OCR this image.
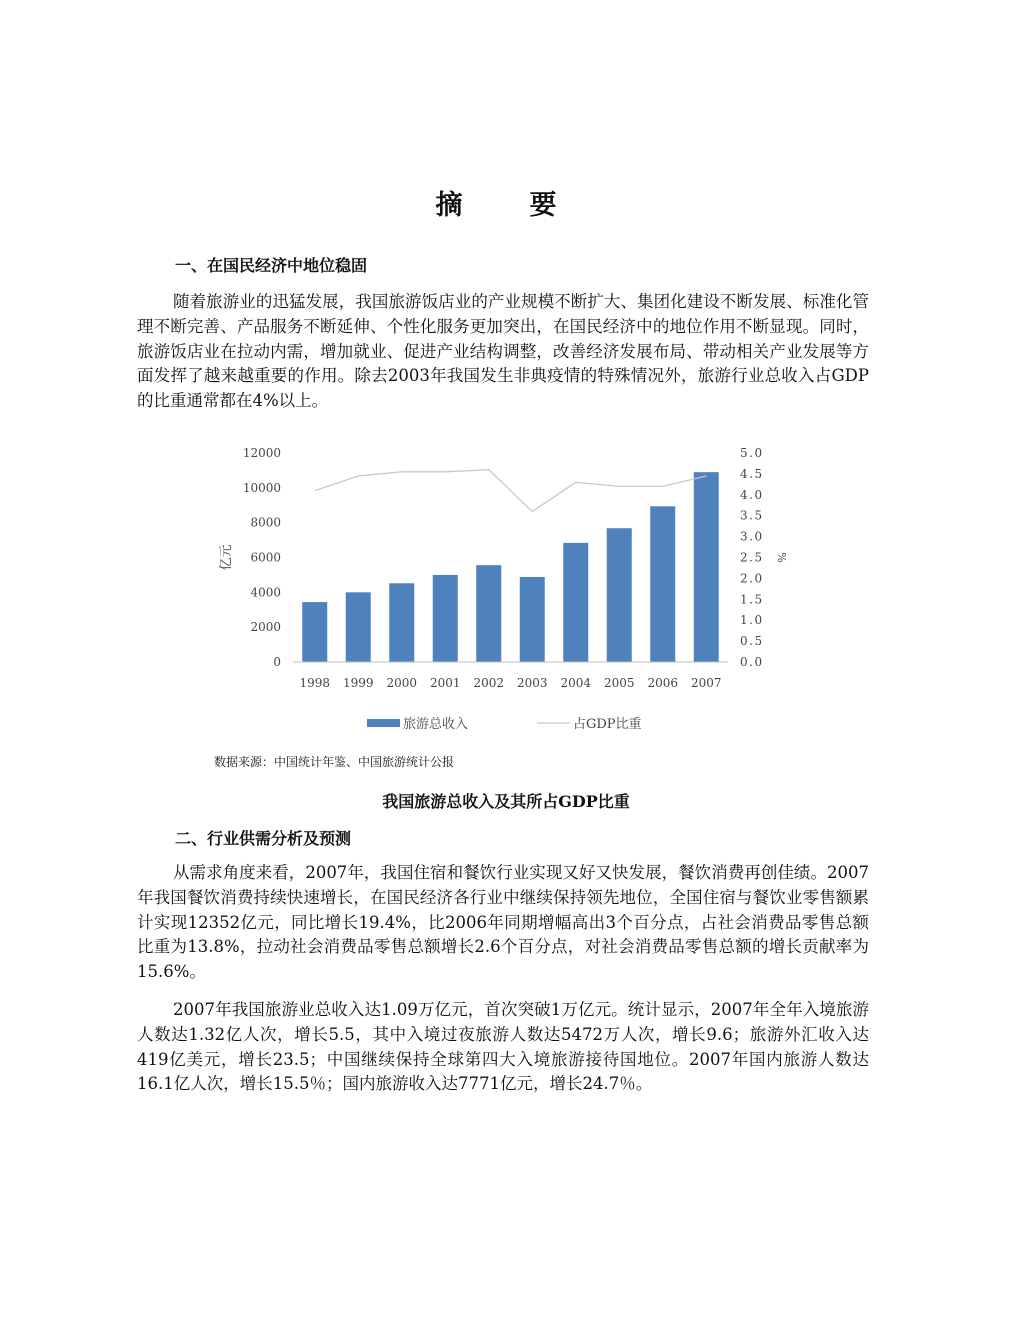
摘　要
一、在国民经济中地位稳固

随着旅游业的迅猛发展，我国旅游饭店业的产业规模不断扩大、集团化建设不断发展、标准化管理不断完善、产品服务不断延伸、个性化服务更加突出，在国民经济中的地位作用不断显现。同时，旅游饭店业在拉动内需，增加就业、促进产业结构调整，改善经济发展布局、带动相关产业发展等方面发挥了越来越重要的作用。除去2003年我国发生非典疫情的特殊情况外，旅游行业总收入占GDP的比重通常都在4%以上。

0
2000
4000
6000
8000
10000
12000
0.0
0.5
1.0
1.5
2.0
2.5
3.0
3.5
4.0
4.5
5.0
1998 1999 2000 2001 2002 2003 2004 2005 2006 2007
亿元	%
旅游总收入	占GDP比重

数据来源：中国统计年鉴、中国旅游统计公报

我国旅游总收入及其所占GDP比重

二、行业供需分析及预测

从需求角度来看，2007年，我国住宿和餐饮行业实现又好又快发展，餐饮消费再创佳绩。2007年我国餐饮消费持续快速增长，在国民经济各行业中继续保持领先地位，全国住宿与餐饮业零售额累计实现12352亿元，同比增长19.4%，比2006年同期增幅高出3个百分点，占社会消费品零售总额比重为13.8%，拉动社会消费品零售总额增长2.6个百分点，对社会消费品零售总额的增长贡献率为15.6%。

2007年我国旅游业总收入达1.09万亿元，首次突破1万亿元。统计显示，2007年全年入境旅游人数达1.32亿人次，增长5.5，其中入境过夜旅游人数达5472万人次，增长9.6；旅游外汇收入达419亿美元，增长23.5；中国继续保持全球第四大入境旅游接待国地位。2007年国内旅游人数达16.1亿人次，增长15.5％；国内旅游收入达7771亿元，增长24.7％。
